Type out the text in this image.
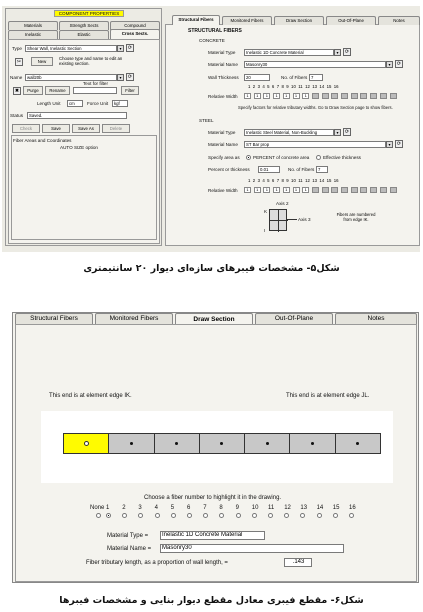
COMPONENT PROPERTIES
Materials	Strength Sects	Compound
Inelastic	Elastic	Cross Sects.
Type	Shear Wall, Inelastic Section	▾	⟳
✂	New
Choose type and name to edit an existing section.
Name	wall20b	▾	⟳
✖	Purge	Rename
Text for filter
Filter
Length Unit	cm	Force Unit	kgf
Status	Saved.
Check	Save	Save As	Delete
Fiber Areas and Coordinates
AUTO SIZE option
Structural Fibers	Monitored Fibers	Draw Section	Out-Of-Plane	Notes
STRUCTURAL FIBERS
CONCRETE
Material Type	Inelastic 1D Concrete Material	▾	⟳
Material Name	Masonry30	▾	⟳
Wall Thickness	20	No. of Fibers 7
1 2 3 4 5 6 7 8 9 10 11 12 13 14 15 16
Relative Width	1	1	1	1	1	1	1
Specify factors for relative tributary widths. Go to Draw Section page to show fibers.
STEEL
Material Type	Inelastic Steel Material, Non-Buckling	▾	⟳
Material Name	ST Bar prop	▾	⟳
Specify area as	PERCENT of concrete area	Effective thickness
Percent or thickness	0.01	No. of Fibers 7
1 2 3 4 5 6 7 8 9 10 11 12 13 14 15 16
Relative Width	1	1	1	1	1	1	1
Axis 2
Axis 3
K
I
Fibers are numbered from edge IK.
شکل۵- مشخصات فیبرهای سازه‌ای دیوار ۲۰ سانتیمتری
Structural Fibers	Monitored Fibers	Draw Section	Out-Of-Plane	Notes
This end is at element edge IK.	This end is at element edge JL.
Choose a fiber number to highlight it in the drawing.
None 1 2 3 4 5 6 7 8 9 10 11 12 13 14 15 16
Material Type =	Inelastic 1D Concrete Material
Material Name =	Masonry30
Fiber tributary length, as a proportion of wall length, =	.143
شکل۶- مقطع فیبری معادل مقطع دیوار بنایی و مشخصات فیبرها
